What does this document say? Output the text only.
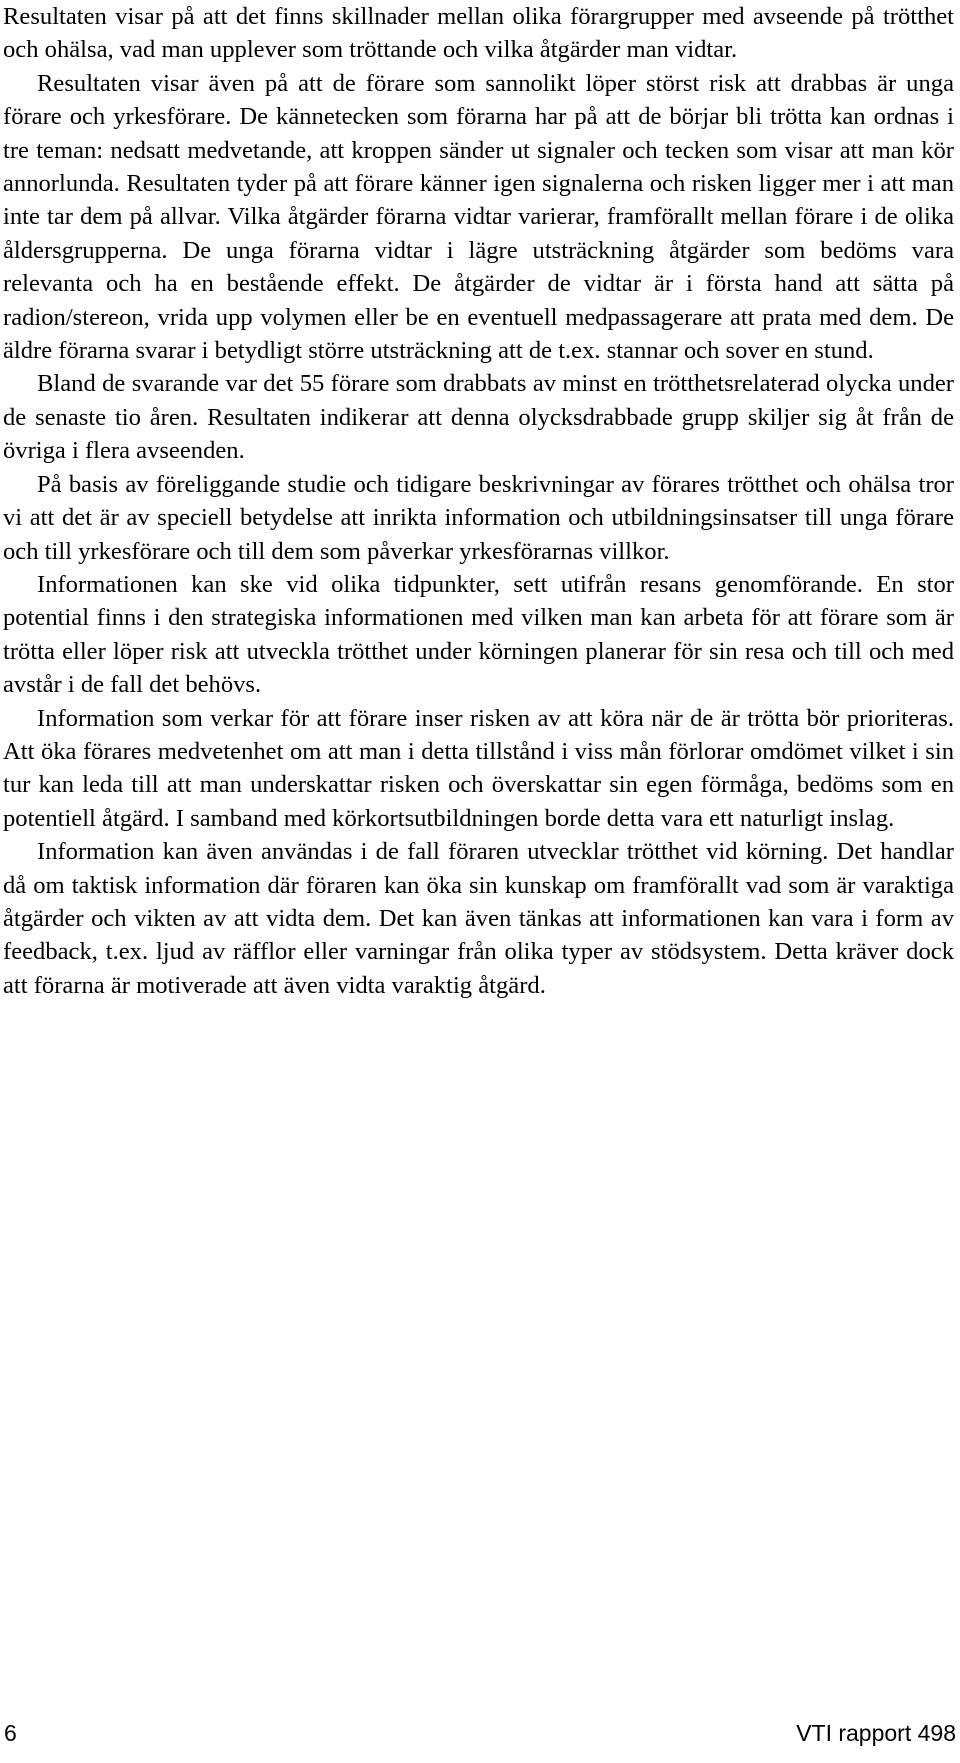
Resultaten visar på att det finns skillnader mellan olika förargrupper med avseende på trötthet och ohälsa, vad man upplever som tröttande och vilka åtgärder man vidtar.

Resultaten visar även på att de förare som sannolikt löper störst risk att drabbas är unga förare och yrkesförare. De kännetecken som förarna har på att de börjar bli trötta kan ordnas i tre teman: nedsatt medvetande, att kroppen sänder ut signaler och tecken som visar att man kör annorlunda. Resultaten tyder på att förare känner igen signalerna och risken ligger mer i att man inte tar dem på allvar. Vilka åtgärder förarna vidtar varierar, framförallt mellan förare i de olika åldersgrupperna. De unga förarna vidtar i lägre utsträckning åtgärder som bedöms vara relevanta och ha en bestående effekt. De åtgärder de vidtar är i första hand att sätta på radion/stereon, vrida upp volymen eller be en eventuell medpassagerare att prata med dem. De äldre förarna svarar i betydligt större utsträckning att de t.ex. stannar och sover en stund.

Bland de svarande var det 55 förare som drabbats av minst en trötthetsrelaterad olycka under de senaste tio åren. Resultaten indikerar att denna olycksdrabbade grupp skiljer sig åt från de övriga i flera avseenden.

På basis av föreliggande studie och tidigare beskrivningar av förares trötthet och ohälsa tror vi att det är av speciell betydelse att inrikta information och utbildningsinsatser till unga förare och till yrkesförare och till dem som påverkar yrkesförarnas villkor.

Informationen kan ske vid olika tidpunkter, sett utifrån resans genomförande. En stor potential finns i den strategiska informationen med vilken man kan arbeta för att förare som är trötta eller löper risk att utveckla trötthet under körningen planerar för sin resa och till och med avstår i de fall det behövs.

Information som verkar för att förare inser risken av att köra när de är trötta bör prioriteras. Att öka förares medvetenhet om att man i detta tillstånd i viss mån förlorar omdömet vilket i sin tur kan leda till att man underskattar risken och överskattar sin egen förmåga, bedöms som en potentiell åtgärd. I samband med körkortsutbildningen borde detta vara ett naturligt inslag.

Information kan även användas i de fall föraren utvecklar trötthet vid körning. Det handlar då om taktisk information där föraren kan öka sin kunskap om framförallt vad som är varaktiga åtgärder och vikten av att vidta dem. Det kan även tänkas att informationen kan vara i form av feedback, t.ex. ljud av räfflor eller varningar från olika typer av stödsystem. Detta kräver dock att förarna är motiverade att även vidta varaktig åtgärd.

6	VTI rapport 498
